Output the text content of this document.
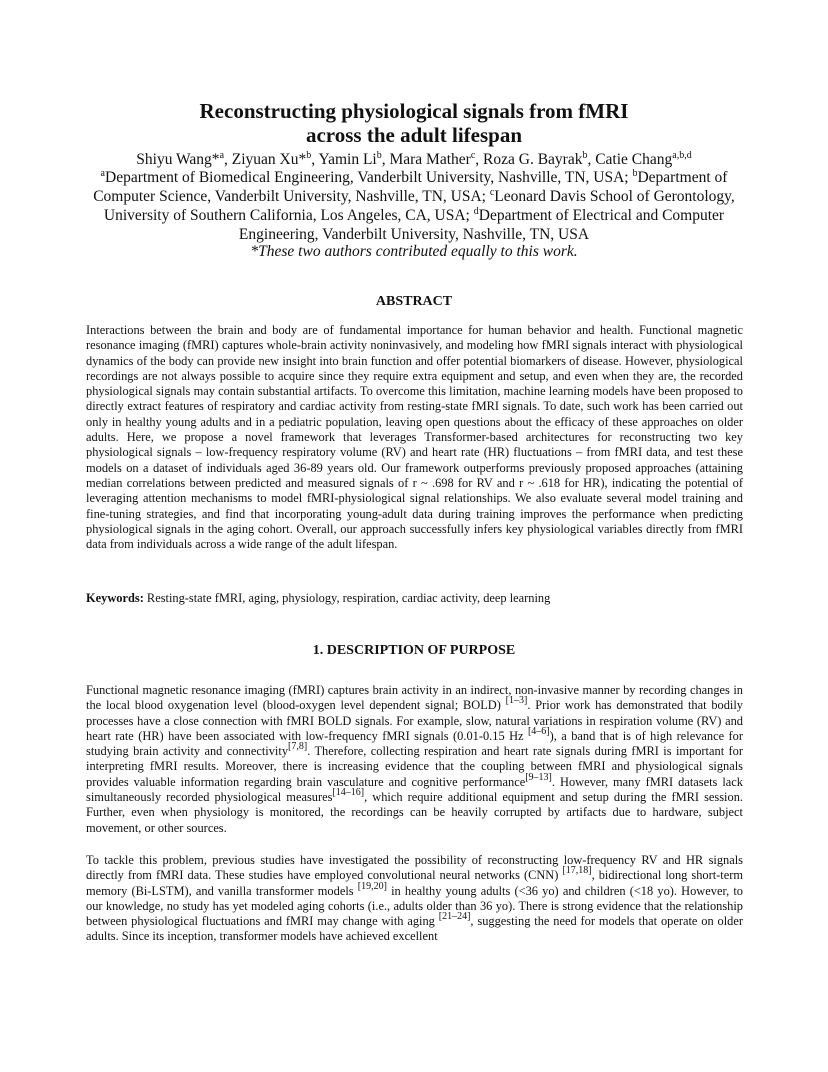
Reconstructing physiological signals from fMRI
across the adult lifespan
Shiyu Wang*$^a$, Ziyuan Xu*$^b$, Yamin Li$^b$, Mara Mather$^c$, Roza G. Bayrak$^b$, Catie Chang$^{a,b,d}$
$^a$Department of Biomedical Engineering, Vanderbilt University, Nashville, TN, USA; $^b$Department of Computer Science, Vanderbilt University, Nashville, TN, USA; $^c$Leonard Davis School of Gerontology, University of Southern California, Los Angeles, CA, USA; $^d$Department of Electrical and Computer Engineering, Vanderbilt University, Nashville, TN, USA
*These two authors contributed equally to this work.
ABSTRACT
Interactions between the brain and body are of fundamental importance for human behavior and health. Functional magnetic resonance imaging (fMRI) captures whole-brain activity noninvasively, and modeling how fMRI signals interact with physiological dynamics of the body can provide new insight into brain function and offer potential biomarkers of disease. However, physiological recordings are not always possible to acquire since they require extra equipment and setup, and even when they are, the recorded physiological signals may contain substantial artifacts. To overcome this limitation, machine learning models have been proposed to directly extract features of respiratory and cardiac activity from resting-state fMRI signals. To date, such work has been carried out only in healthy young adults and in a pediatric population, leaving open questions about the efficacy of these approaches on older adults. Here, we propose a novel framework that leverages Transformer-based architectures for reconstructing two key physiological signals – low-frequency respiratory volume (RV) and heart rate (HR) fluctuations – from fMRI data, and test these models on a dataset of individuals aged 36-89 years old. Our framework outperforms previously proposed approaches (attaining median correlations between predicted and measured signals of r ~ .698 for RV and r ~ .618 for HR), indicating the potential of leveraging attention mechanisms to model fMRI-physiological signal relationships. We also evaluate several model training and fine-tuning strategies, and find that incorporating young-adult data during training improves the performance when predicting physiological signals in the aging cohort. Overall, our approach successfully infers key physiological variables directly from fMRI data from individuals across a wide range of the adult lifespan.
Keywords: Resting-state fMRI, aging, physiology, respiration, cardiac activity, deep learning
1. DESCRIPTION OF PURPOSE
Functional magnetic resonance imaging (fMRI) captures brain activity in an indirect, non-invasive manner by recording changes in the local blood oxygenation level (blood-oxygen level dependent signal; BOLD) [1–3]. Prior work has demonstrated that bodily processes have a close connection with fMRI BOLD signals. For example, slow, natural variations in respiration volume (RV) and heart rate (HR) have been associated with low-frequency fMRI signals (0.01-0.15 Hz [4–6]), a band that is of high relevance for studying brain activity and connectivity[7,8]. Therefore, collecting respiration and heart rate signals during fMRI is important for interpreting fMRI results. Moreover, there is increasing evidence that the coupling between fMRI and physiological signals provides valuable information regarding brain vasculature and cognitive performance[9–13]. However, many fMRI datasets lack simultaneously recorded physiological measures[14–16], which require additional equipment and setup during the fMRI session. Further, even when physiology is monitored, the recordings can be heavily corrupted by artifacts due to hardware, subject movement, or other sources.
To tackle this problem, previous studies have investigated the possibility of reconstructing low-frequency RV and HR signals directly from fMRI data. These studies have employed convolutional neural networks (CNN) [17,18], bidirectional long short-term memory (Bi-LSTM), and vanilla transformer models [19,20] in healthy young adults (<36 yo) and children (<18 yo). However, to our knowledge, no study has yet modeled aging cohorts (i.e., adults older than 36 yo). There is strong evidence that the relationship between physiological fluctuations and fMRI may change with aging [21–24], suggesting the need for models that operate on older adults. Since its inception, transformer models have achieved excellent
